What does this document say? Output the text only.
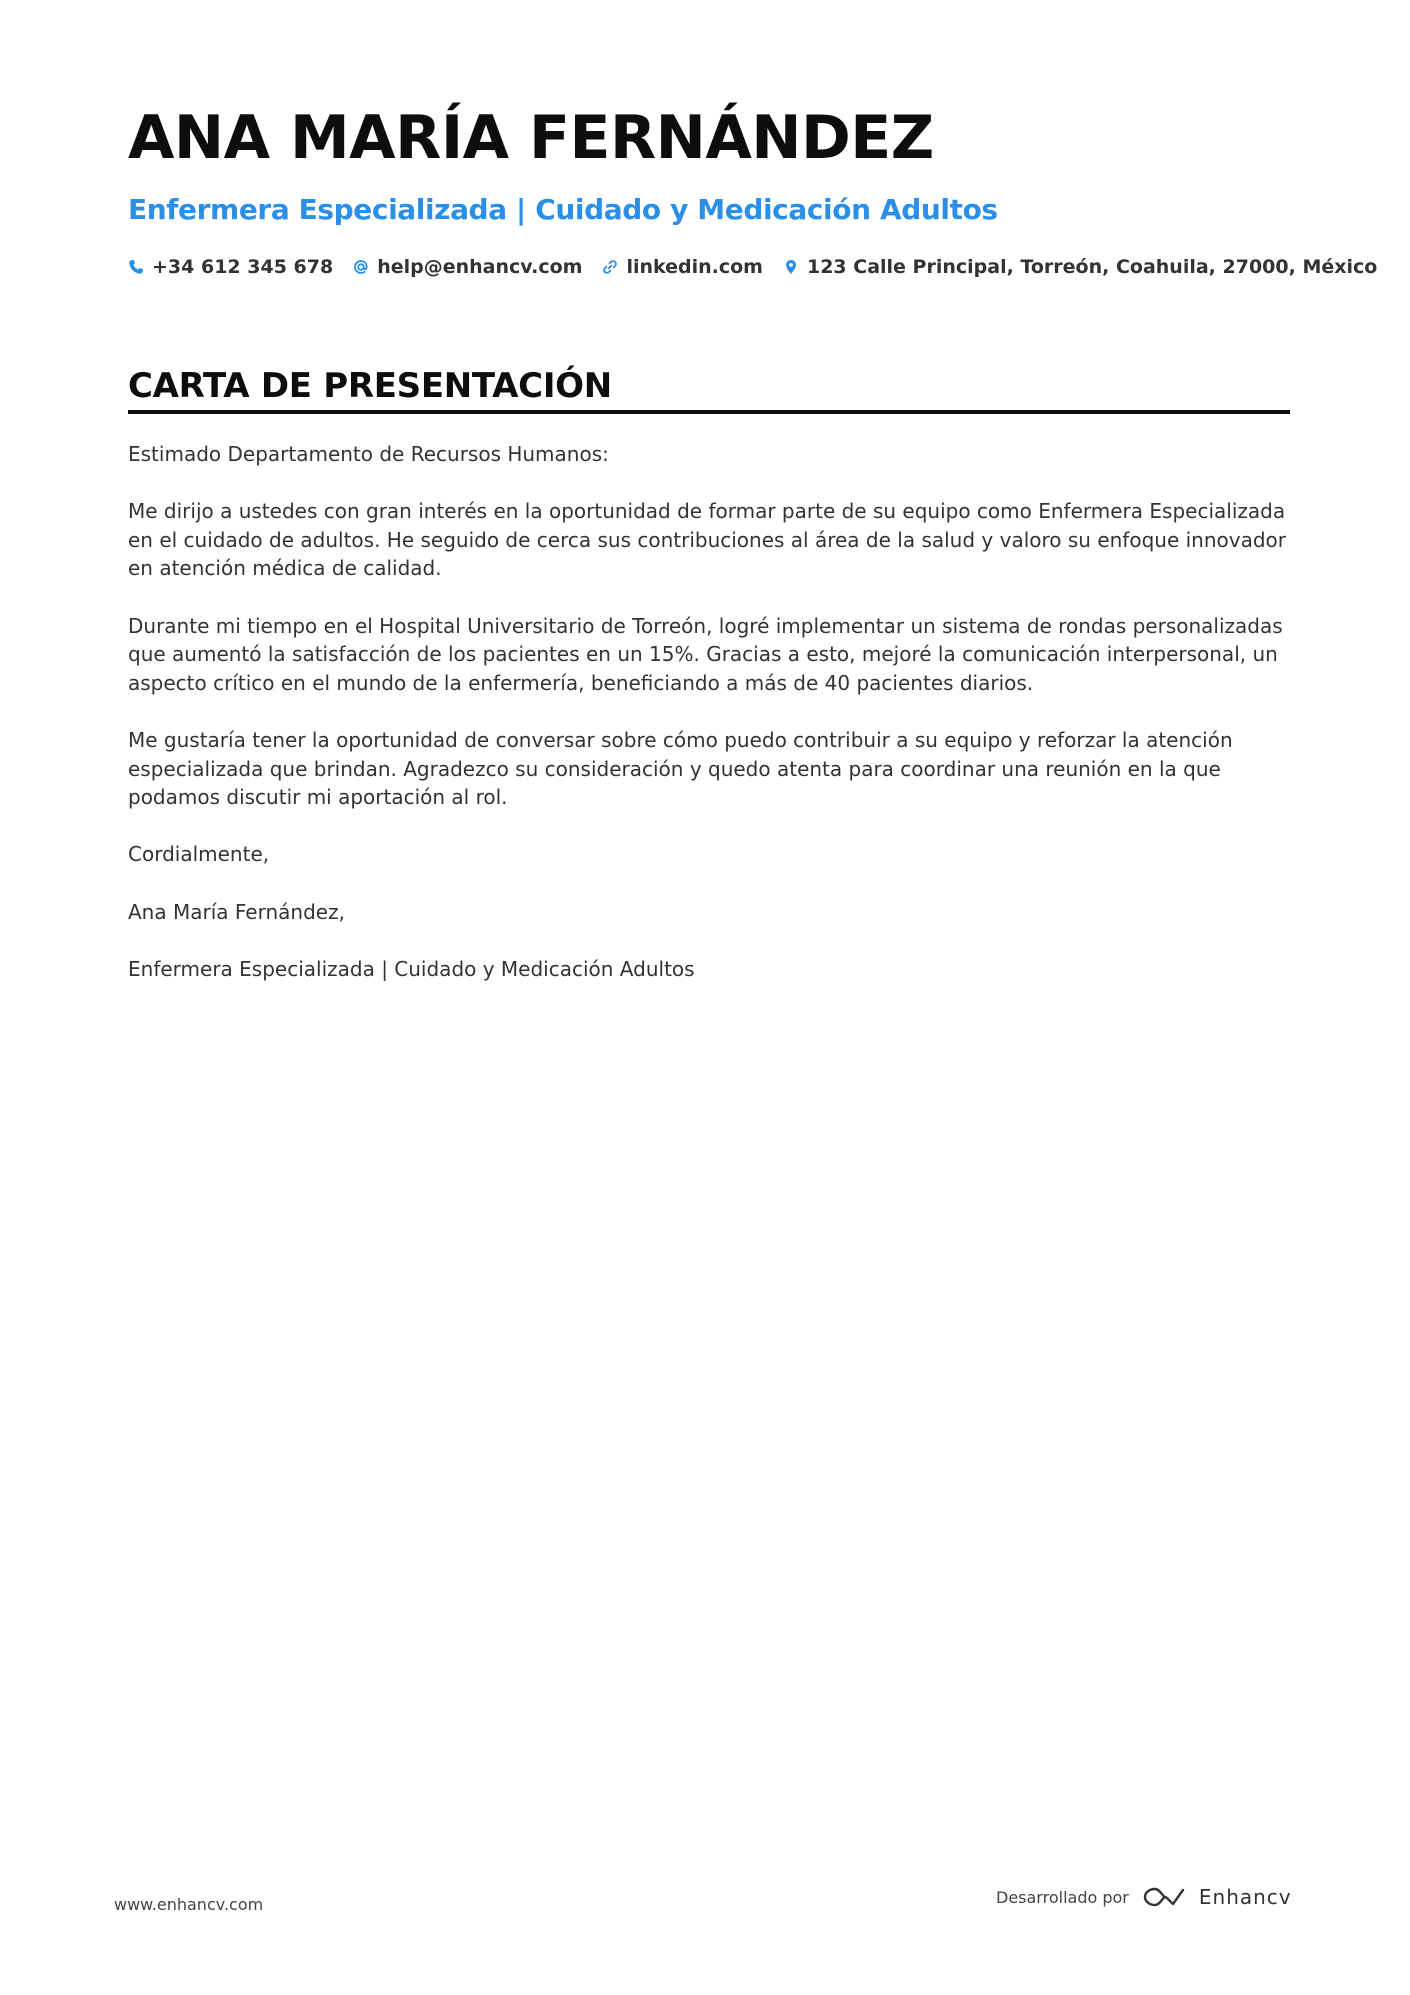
ANA MARÍA FERNÁNDEZ
Enfermera Especializada | Cuidado y Medicación Adultos
+34 612 345 678 help@enhancv.com linkedin.com 123 Calle Principal, Torreón, Coahuila, 27000, México
CARTA DE PRESENTACIÓN

Estimado Departamento de Recursos Humanos:

Me dirijo a ustedes con gran interés en la oportunidad de formar parte de su equipo como Enfermera Especializada en el cuidado de adultos. He seguido de cerca sus contribuciones al área de la salud y valoro su enfoque innovador en atención médica de calidad.

Durante mi tiempo en el Hospital Universitario de Torreón, logré implementar un sistema de rondas personalizadas que aumentó la satisfacción de los pacientes en un 15%. Gracias a esto, mejoré la comunicación interpersonal, un aspecto crítico en el mundo de la enfermería, beneficiando a más de 40 pacientes diarios.

Me gustaría tener la oportunidad de conversar sobre cómo puedo contribuir a su equipo y reforzar la atención especializada que brindan. Agradezco su consideración y quedo atenta para coordinar una reunión en la que podamos discutir mi aportación al rol.

Cordialmente,

Ana María Fernández,

Enfermera Especializada | Cuidado y Medicación Adultos

www.enhancv.com	Desarrollado por	Enhancv
